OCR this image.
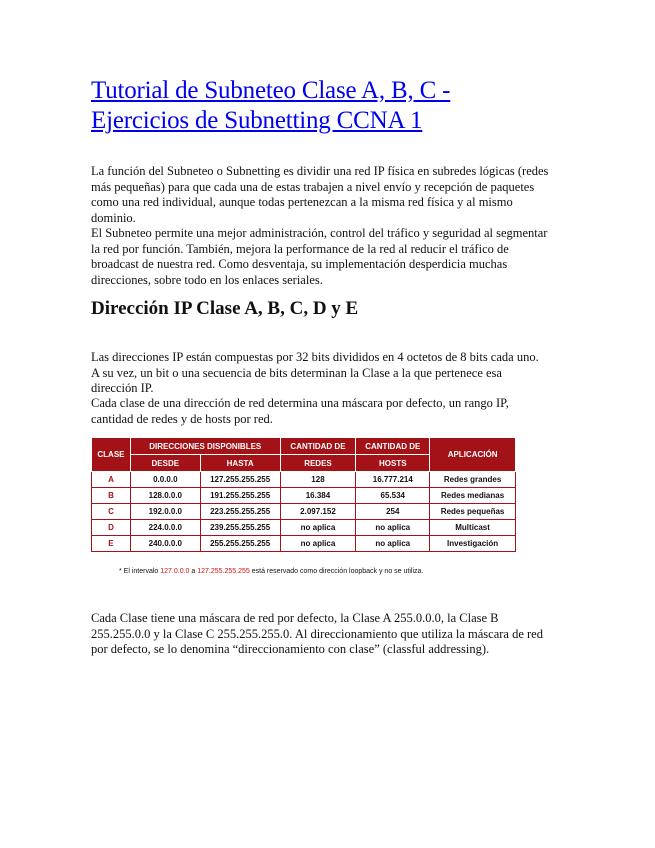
Tutorial de Subneteo Clase A, B, C -
Ejercicios de Subnetting CCNA 1

La función del Subneteo o Subnetting es dividir una red IP física en subredes lógicas (redes
más pequeñas) para que cada una de estas trabajen a nivel envío y recepción de paquetes
como una red individual, aunque todas pertenezcan a la misma red física y al mismo
dominio.

El Subneteo permite una mejor administración, control del tráfico y seguridad al segmentar
la red por función. También, mejora la performance de la red al reducir el tráfico de
broadcast de nuestra red. Como desventaja, su implementación desperdicia muchas
direcciones, sobre todo en los enlaces seriales.

Dirección IP Clase A, B, C, D y E

Las direcciones IP están compuestas por 32 bits divididos en 4 octetos de 8 bits cada uno.
A su vez, un bit o una secuencia de bits determinan la Clase a la que pertenece esa
dirección IP.

Cada clase de una dirección de red determina una máscara por defecto, un rango IP,
cantidad de redes y de hosts por red.

CLASE	DIRECCIONES DISPONIBLES		CANTIDAD DE	CANTIDAD DE	APLICACIÓN
	DESDE	HASTA	REDES	HOSTS	
A	0.0.0.0	127.255.255.255	128	16.777.214	Redes grandes
B	128.0.0.0	191.255.255.255	16.384	65.534	Redes medianas
C	192.0.0.0	223.255.255.255	2.097.152	254	Redes pequeñas
D	224.0.0.0	239.255.255.255	no aplica	no aplica	Multicast
E	240.0.0.0	255.255.255.255	no aplica	no aplica	Investigación
* El intervalo 127.0.0.0 a 127.255.255.255 está reservado como dirección loopback y no se utiliza.

Cada Clase tiene una máscara de red por defecto, la Clase A 255.0.0.0, la Clase B
255.255.0.0 y la Clase C 255.255.255.0. Al direccionamiento que utiliza la máscara de red
por defecto, se lo denomina “direccionamiento con clase” (classful addressing).
